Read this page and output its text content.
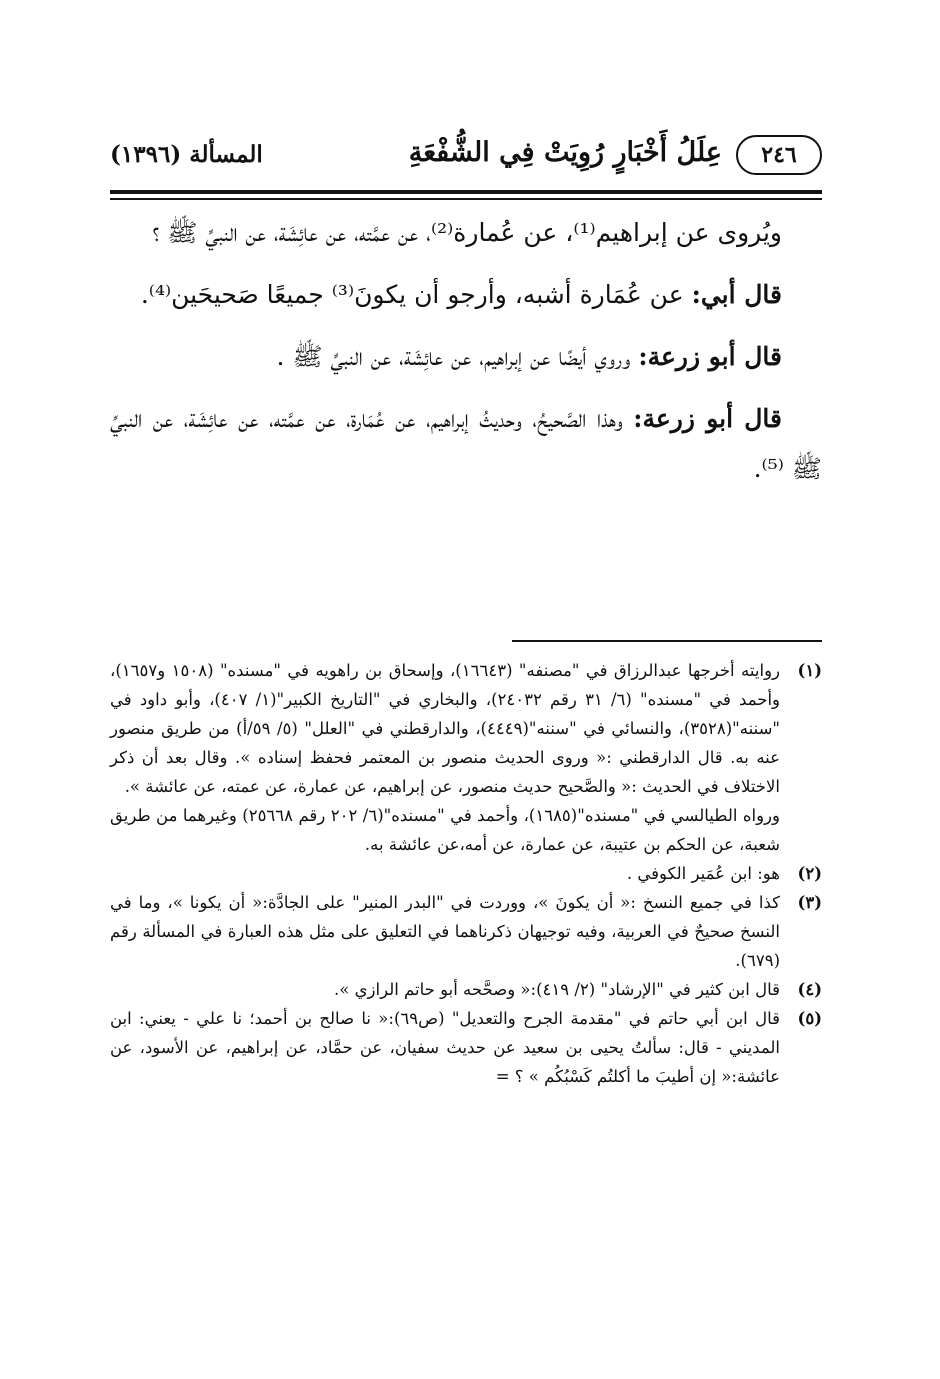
٢٤٦
عِلَلُ أَخْبَارٍ رُوِيَتْ فِي الشُّفْعَةِ
المسألة (١٣٩٦)

ويُروى عن إبراهيم⁽¹⁾، عن عُمارة⁽²⁾، عن عمَّته، عن عائِشَة، عن النبيِّ ﷺ ؟

قال أبي: عن عُمَارة أشبه، وأرجو أن يكونَ⁽³⁾ جميعًا صَحيحَين⁽⁴⁾.

قال أبو زرعة: وروي أيضًا عن إبراهيم، عن عائِشَة، عن النبيِّ ﷺ .

قال أبو زرعة: وهذا الصَّحيحُ، وحديثُ إبراهيم، عن عُمَارة، عن عمَّته، عن عائِشَة، عن النبيِّ ﷺ ⁽⁵⁾.

(١)

روايته أخرجها عبدالرزاق في "مصنفه" (١٦٦٤٣)، وإسحاق بن راهويه في "مسنده" (١٥٠٨ و١٦٥٧)، وأحمد في "مسنده" (٦/ ٣١ رقم ٢٤٠٣٢)، والبخاري في "التاريخ الكبير"(١/ ٤٠٧)، وأبو داود في "سننه"(٣٥٢٨)، والنسائي في "سننه"(٤٤٤٩)، والدارقطني في "العلل" (٥/ ٥٩/أ) من طريق منصور عنه به. قال الدارقطني :« وروى الحديث منصور بن المعتمر فحفظ إسناده ». وقال بعد أن ذكر الاختلاف في الحديث :« والصَّحيح حديث منصور، عن إبراهيم، عن عمارة، عن عمته، عن عائشة ».

ورواه الطيالسي في "مسنده"(١٦٨٥)، وأحمد في "مسنده"(٦/ ٢٠٢ رقم ٢٥٦٦٨) وغيرهما من طريق شعبة، عن الحكم بن عتيبة، عن عمارة، عن أمه،عن عائشة به.

(٢)

هو: ابن عُمَير الكوفي .

(٣)

كذا في جميع النسخ :« أن يكونَ »، ووردت في "البدر المنير" على الجادَّة:« أن يكونا »، وما في النسخ صحيحٌ في العربية، وفيه توجيهان ذكرناهما في التعليق على مثل هذه العبارة في المسألة رقم (٦٧٩).

(٤)

قال ابن كثير في "الإرشاد" (٢/ ٤١٩):« وصحَّحه أبو حاتم الرازي ».

(٥)

قال ابن أبي حاتم في "مقدمة الجرح والتعديل" (ص٦٩):« نا صالح بن أحمد؛ نا علي - يعني: ابن المديني - قال: سألتُ يحيى بن سعيد عن حديث سفيان، عن حمَّاد، عن إبراهيم، عن الأسود، عن عائشة:« إن أطيبَ ما أكلتُم كَسْبُكُم » ؟ =
